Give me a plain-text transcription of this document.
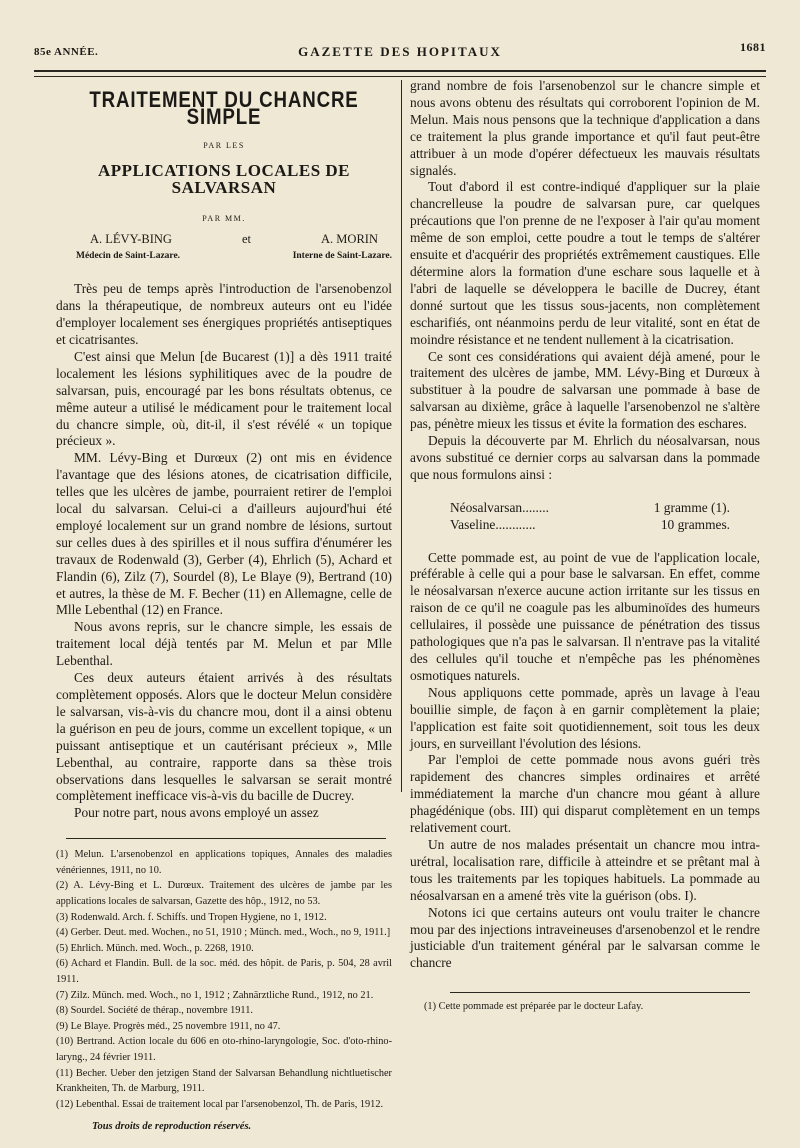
85e ANNÉE.	GAZETTE DES HOPITAUX	1681
TRAITEMENT DU CHANCRE SIMPLE
PAR LES
APPLICATIONS LOCALES DE SALVARSAN
PAR MM.
A. LÉVY-BING	et	A. MORIN
Médecin de Saint-Lazare.	Interne de Saint-Lazare.

Très peu de temps après l'introduction de l'arsenobenzol dans la thérapeutique, de nombreux auteurs ont eu l'idée d'employer localement ses énergiques propriétés antiseptiques et cicatrisantes.

C'est ainsi que Melun [de Bucarest (1)] a dès 1911 traité localement les lésions syphilitiques avec de la poudre de salvarsan, puis, encouragé par les bons résultats obtenus, ce même auteur a utilisé le médicament pour le traitement local du chancre simple, où, dit-il, il s'est révélé « un topique précieux ».

MM. Lévy-Bing et Durœux (2) ont mis en évidence l'avantage que des lésions atones, de cicatrisation difficile, telles que les ulcères de jambe, pourraient retirer de l'emploi local du salvarsan. Celui-ci a d'ailleurs aujourd'hui été employé localement sur un grand nombre de lésions, surtout sur celles dues à des spirilles et il nous suffira d'énumérer les travaux de Rodenwald (3), Gerber (4), Ehrlich (5), Achard et Flandin (6), Zilz (7), Sourdel (8), Le Blaye (9), Bertrand (10) et autres, la thèse de M. F. Becher (11) en Allemagne, celle de Mlle Lebenthal (12) en France.

Nous avons repris, sur le chancre simple, les essais de traitement local déjà tentés par M. Melun et par Mlle Lebenthal.

Ces deux auteurs étaient arrivés à des résultats complètement opposés. Alors que le docteur Melun considère le salvarsan, vis-à-vis du chancre mou, dont il a ainsi obtenu la guérison en peu de jours, comme un excellent topique, « un puissant antiseptique et un cautérisant précieux », Mlle Lebenthal, au contraire, rapporte dans sa thèse trois observations dans lesquelles le salvarsan se serait montré complètement inefficace vis-à-vis du bacille de Ducrey.

Pour notre part, nous avons employé un assez

(1) Melun. L'arsenobenzol en applications topiques, Annales des maladies vénériennes, 1911, no 10.
(2) A. Lévy-Bing et L. Durœux. Traitement des ulcères de jambe par les applications locales de salvarsan, Gazette des hôp., 1912, no 53.
(3) Rodenwald. Arch. f. Schiffs. und Tropen Hygiene, no 1, 1912.
(4) Gerber. Deut. med. Wochen., no 51, 1910 ; Münch. med., Woch., no 9, 1911.]
(5) Ehrlich. Münch. med. Woch., p. 2268, 1910.
(6) Achard et Flandin. Bull. de la soc. méd. des hôpit. de Paris, p. 504, 28 avril 1911.
(7) Zilz. Münch. med. Woch., no 1, 1912 ; Zahnärztliche Rund., 1912, no 21.
(8) Sourdel. Société de thérap., novembre 1911.
(9) Le Blaye. Progrès méd., 25 novembre 1911, no 47.
(10) Bertrand. Action locale du 606 en oto-rhino-laryngologie, Soc. d'oto-rhino-laryng., 24 février 1911.
(11) Becher. Ueber den jetzigen Stand der Salvarsan Behandlung nichtluetischer Krankheiten, Th. de Marburg, 1911.
(12) Lebenthal. Essai de traitement local par l'arsenobenzol, Th. de Paris, 1912.

grand nombre de fois l'arsenobenzol sur le chancre simple et nous avons obtenu des résultats qui corroborent l'opinion de M. Melun. Mais nous pensons que la technique d'application a dans ce traitement la plus grande importance et qu'il faut peut-être attribuer à un mode d'opérer défectueux les mauvais résultats signalés.

Tout d'abord il est contre-indiqué d'appliquer sur la plaie chancrelleuse la poudre de salvarsan pure, car quelques précautions que l'on prenne de ne l'exposer à l'air qu'au moment même de son emploi, cette poudre a tout le temps de s'altérer ensuite et d'acquérir des propriétés extrêmement caustiques. Elle détermine alors la formation d'une eschare sous laquelle et à l'abri de laquelle se développera le bacille de Ducrey, étant donné surtout que les tissus sous-jacents, non complètement escharifiés, ont néanmoins perdu de leur vitalité, sont en état de moindre résistance et ne tendent nullement à la cicatrisation.

Ce sont ces considérations qui avaient déjà amené, pour le traitement des ulcères de jambe, MM. Lévy-Bing et Durœux à substituer à la poudre de salvarsan une pommade à base de salvarsan au dixième, grâce à laquelle l'arsenobenzol ne s'altère pas, pénètre mieux les tissus et évite la formation des eschares.

Depuis la découverte par M. Ehrlich du néosalvarsan, nous avons substitué ce dernier corps au salvarsan dans la pommade que nous formulons ainsi :

Néosalvarsan........	1 gramme (1).
Vaseline............	10 grammes.

Cette pommade est, au point de vue de l'application locale, préférable à celle qui a pour base le salvarsan. En effet, comme le néosalvarsan n'exerce aucune action irritante sur les tissus en raison de ce qu'il ne coagule pas les albuminoïdes des humeurs cellulaires, il possède une puissance de pénétration des tissus pathologiques que n'a pas le salvarsan. Il n'entrave pas la vitalité des cellules qu'il touche et n'empêche pas les phénomènes osmotiques naturels.

Nous appliquons cette pommade, après un lavage à l'eau bouillie simple, de façon à en garnir complètement la plaie; l'application est faite soit quotidiennement, soit tous les deux jours, en surveillant l'évolution des lésions.

Par l'emploi de cette pommade nous avons guéri très rapidement des chancres simples ordinaires et arrêté immédiatement la marche d'un chancre mou géant à allure phagédénique (obs. III) qui disparut complètement en un temps relativement court.

Un autre de nos malades présentait un chancre mou intra-urétral, localisation rare, difficile à atteindre et se prêtant mal à tous les traitements par les topiques habituels. La pommade au néosalvarsan en a amené très vite la guérison (obs. I).

Notons ici que certains auteurs ont voulu traiter le chancre mou par des injections intraveineuses d'arsenobenzol et le rendre justiciable d'un traitement général par le salvarsan comme le chancre

(1) Cette pommade est préparée par le docteur Lafay.
Tous droits de reproduction réservés.
